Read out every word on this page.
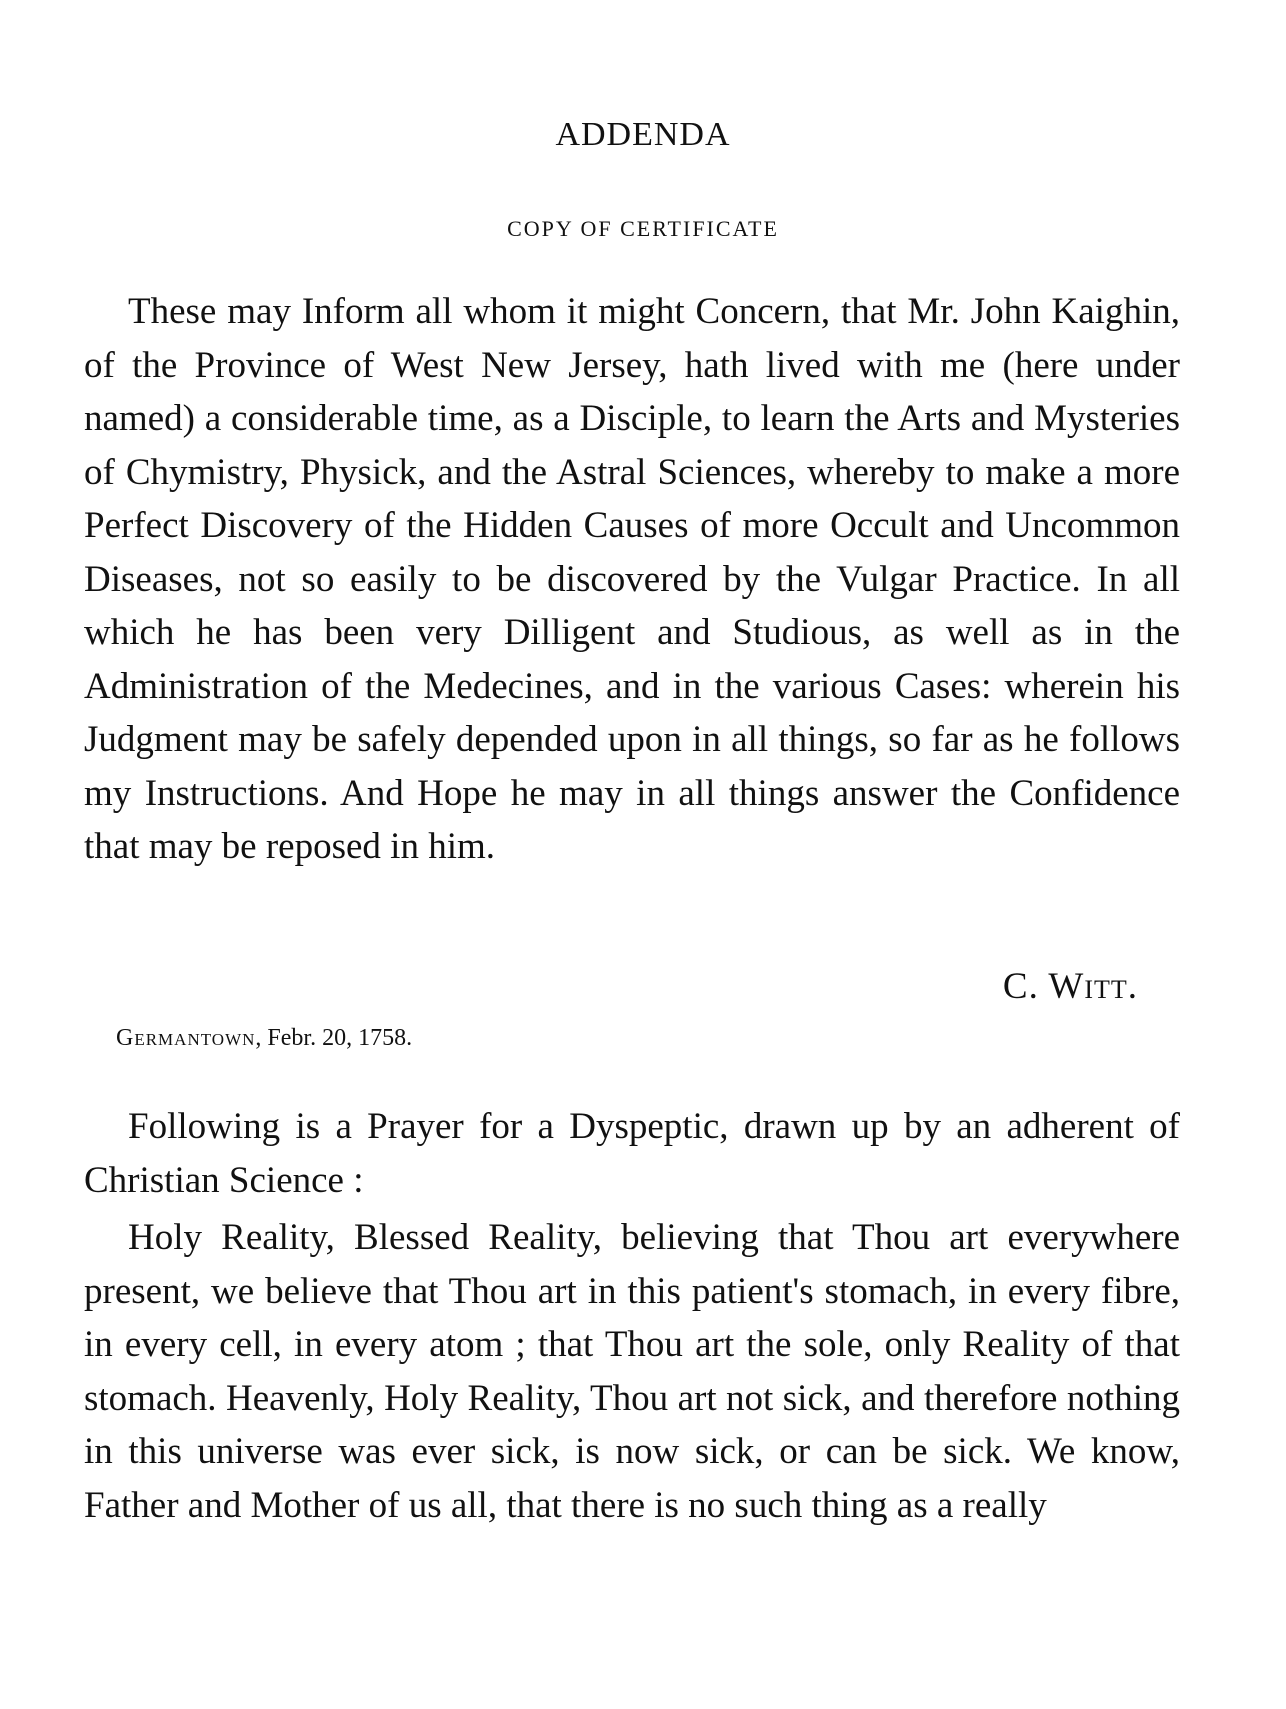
ADDENDA
COPY OF CERTIFICATE

These may Inform all whom it might Concern, that Mr. John Kaighin, of the Province of West New Jersey, hath lived with me (here under named) a considerable time, as a Disciple, to learn the Arts and Mysteries of Chymistry, Physick, and the Astral Sciences, whereby to make a more Perfect Discovery of the Hidden Causes of more Occult and Uncommon Diseases, not so easily to be discovered by the Vulgar Practice. In all which he has been very Dilligent and Studious, as well as in the Administration of the Medecines, and in the various Cases: wherein his Judgment may be safely depended upon in all things, so far as he follows my Instructions. And Hope he may in all things answer the Confidence that may be reposed in him.

C. Witt.
Germantown, Febr. 20, 1758.

Following is a Prayer for a Dyspeptic, drawn up by an adherent of Christian Science :

Holy Reality, Blessed Reality, believing that Thou art everywhere present, we believe that Thou art in this patient's stomach, in every fibre, in every cell, in every atom ; that Thou art the sole, only Reality of that stomach. Heavenly, Holy Reality, Thou art not sick, and therefore nothing in this universe was ever sick, is now sick, or can be sick. We know, Father and Mother of us all, that there is no such thing as a really
